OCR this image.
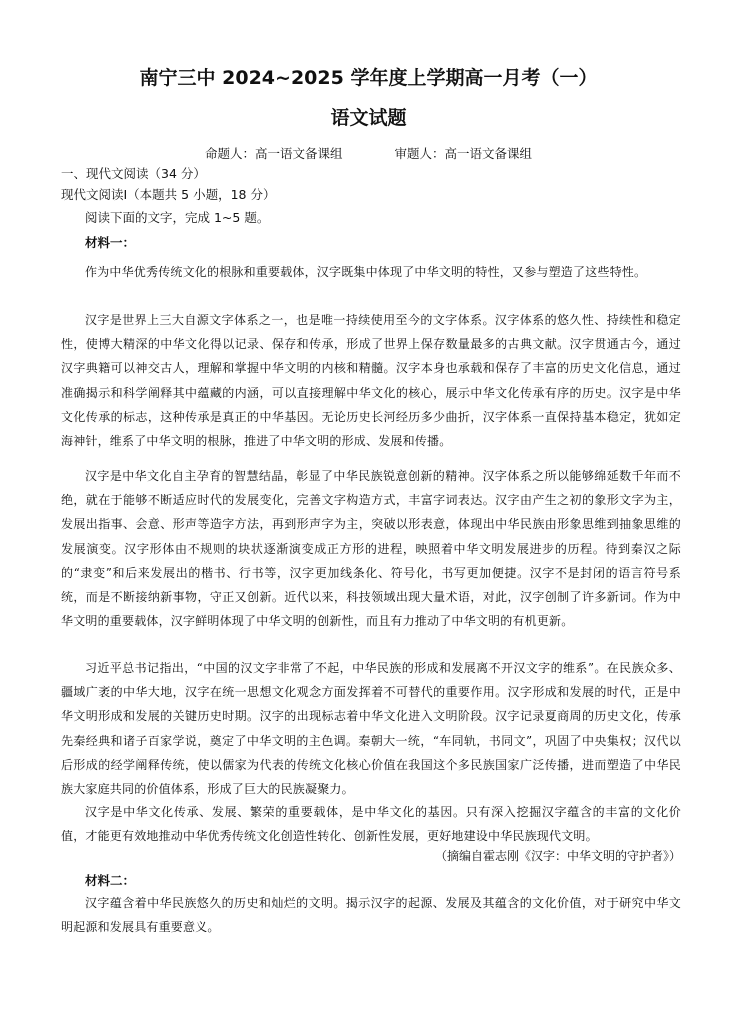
南宁三中 2024~2025 学年度上学期高一月考（一）
语文试题
命题人：高一语文备课组	审题人：高一语文备课组
一、现代文阅读（34 分）
现代文阅读Ⅰ（本题共 5 小题，18 分）
阅读下面的文字，完成 1~5 题。
材料一：

作为中华优秀传统文化的根脉和重要载体，汉字既集中体现了中华文明的特性，又参与塑造了这些特性。

汉字是世界上三大自源文字体系之一，也是唯一持续使用至今的文字体系。汉字体系的悠久性、持续性和稳定性，使博大精深的中华文化得以记录、保存和传承，形成了世界上保存数量最多的古典文献。汉字贯通古今，通过汉字典籍可以神交古人，理解和掌握中华文明的内核和精髓。汉字本身也承载和保存了丰富的历史文化信息，通过准确揭示和科学阐释其中蕴藏的内涵，可以直接理解中华文化的核心，展示中华文化传承有序的历史。汉字是中华文化传承的标志，这种传承是真正的中华基因。无论历史长河经历多少曲折，汉字体系一直保持基本稳定，犹如定海神针，维系了中华文明的根脉，推进了中华文明的形成、发展和传播。

汉字是中华文化自主孕育的智慧结晶，彰显了中华民族锐意创新的精神。汉字体系之所以能够绵延数千年而不绝，就在于能够不断适应时代的发展变化，完善文字构造方式，丰富字词表达。汉字由产生之初的象形文字为主，发展出指事、会意、形声等造字方法，再到形声字为主，突破以形表意，体现出中华民族由形象思维到抽象思维的发展演变。汉字形体由不规则的块状逐渐演变成正方形的进程，映照着中华文明发展进步的历程。待到秦汉之际的“隶变”和后来发展出的楷书、行书等，汉字更加线条化、符号化，书写更加便捷。汉字不是封闭的语言符号系统，而是不断接纳新事物，守正又创新。近代以来，科技领域出现大量术语，对此，汉字创制了许多新词。作为中华文明的重要载体，汉字鲜明体现了中华文明的创新性，而且有力推动了中华文明的有机更新。

习近平总书记指出，“中国的汉文字非常了不起，中华民族的形成和发展离不开汉文字的维系”。在民族众多、疆域广袤的中华大地，汉字在统一思想文化观念方面发挥着不可替代的重要作用。汉字形成和发展的时代，正是中华文明形成和发展的关键历史时期。汉字的出现标志着中华文化进入文明阶段。汉字记录夏商周的历史文化，传承先秦经典和诸子百家学说，奠定了中华文明的主色调。秦朝大一统，“车同轨，书同文”，巩固了中央集权；汉代以后形成的经学阐释传统，使以儒家为代表的传统文化核心价值在我国这个多民族国家广泛传播，进而塑造了中华民族大家庭共同的价值体系，形成了巨大的民族凝聚力。

汉字是中华文化传承、发展、繁荣的重要载体，是中华文化的基因。只有深入挖掘汉字蕴含的丰富的文化价值，才能更有效地推动中华优秀传统文化创造性转化、创新性发展，更好地建设中华民族现代文明。

（摘编自霍志刚《汉字：中华文明的守护者》）
材料二：

汉字蕴含着中华民族悠久的历史和灿烂的文明。揭示汉字的起源、发展及其蕴含的文化价值，对于研究中华文明起源和发展具有重要意义。
